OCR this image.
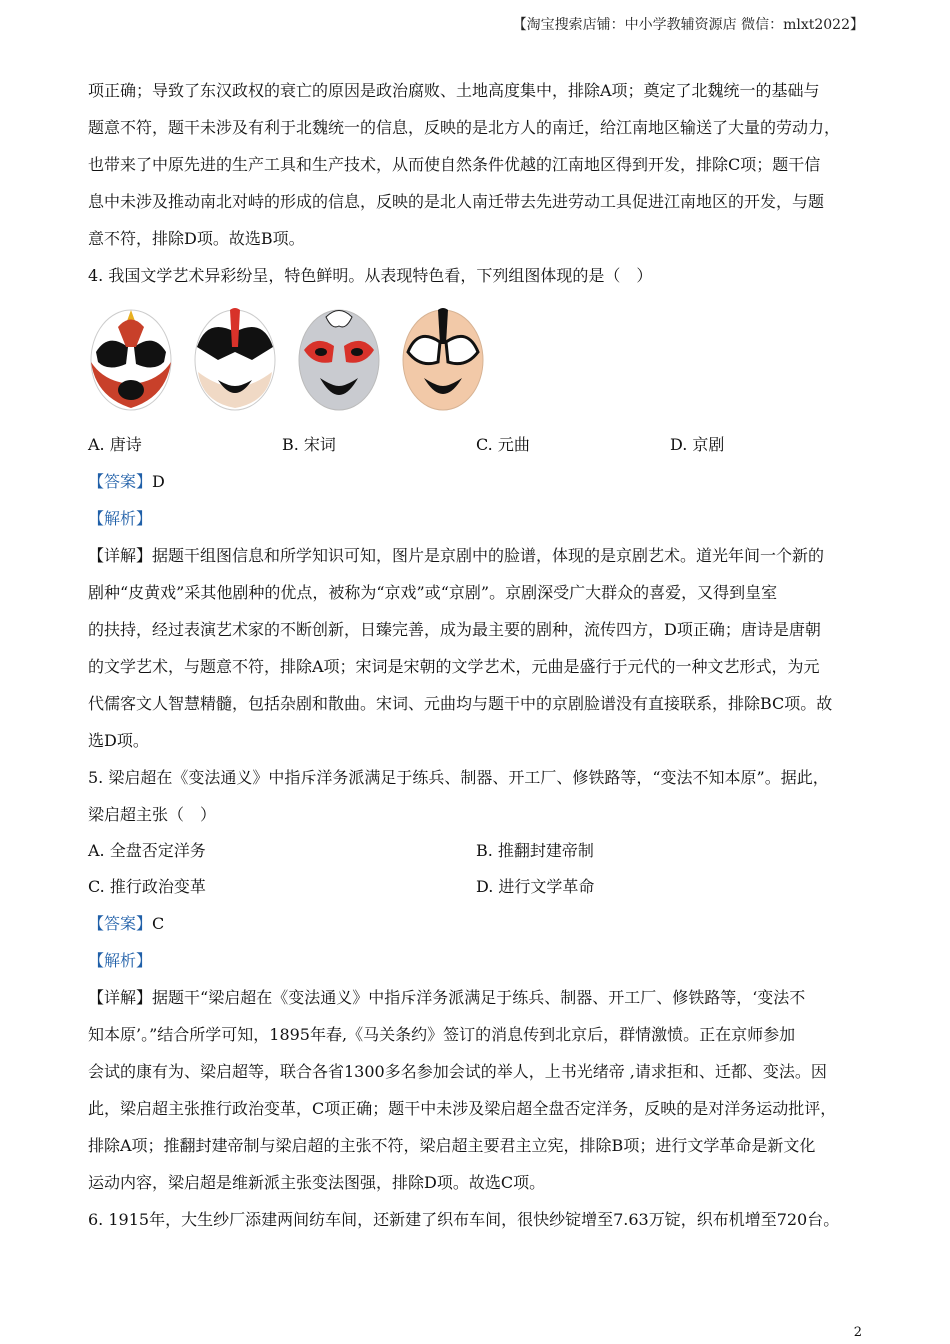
【淘宝搜索店铺：中小学教辅资源店 微信：mlxt2022】

项正确；导致了东汉政权的衰亡的原因是政治腐败、土地高度集中，排除A项；奠定了北魏统一的基础与

题意不符，题干未涉及有利于北魏统一的信息，反映的是北方人的南迁，给江南地区输送了大量的劳动力，

也带来了中原先进的生产工具和生产技术，从而使自然条件优越的江南地区得到开发，排除C项；题干信

息中未涉及推动南北对峙的形成的信息，反映的是北人南迁带去先进劳动工具促进江南地区的开发，与题

意不符，排除D项。故选B项。

4. 我国文学艺术异彩纷呈，特色鲜明。从表现特色看，下列组图体现的是（　）

A. 唐诗	B. 宋词	C. 元曲	D. 京剧

【答案】D

【解析】

【详解】据题干组图信息和所学知识可知，图片是京剧中的脸谱，体现的是京剧艺术。道光年间一个新的

剧种“皮黄戏”采其他剧种的优点，被称为“京戏”或“京剧”。京剧深受广大群众的喜爱，又得到皇室

的扶持，经过表演艺术家的不断创新，日臻完善，成为最主要的剧种，流传四方，D项正确；唐诗是唐朝

的文学艺术，与题意不符，排除A项；宋词是宋朝的文学艺术，元曲是盛行于元代的一种文艺形式，为元

代儒客文人智慧精髓，包括杂剧和散曲。宋词、元曲均与题干中的京剧脸谱没有直接联系，排除BC项。故

选D项。

5. 梁启超在《变法通义》中指斥洋务派满足于练兵、制器、开工厂、修铁路等，“变法不知本原”。据此，

梁启超主张（　）

A. 全盘否定洋务	B. 推翻封建帝制
C. 推行政治变革	D. 进行文学革命

【答案】C

【解析】

【详解】据题干“梁启超在《变法通义》中指斥洋务派满足于练兵、制器、开工厂、修铁路等，‘变法不

知本原’。”结合所学可知，1895年春,《马关条约》签订的消息传到北京后，群情激愤。正在京师参加

会试的康有为、梁启超等，联合各省1300多名参加会试的举人，上书光绪帝 ,请求拒和、迁都、变法。因

此，梁启超主张推行政治变革，C项正确；题干中未涉及梁启超全盘否定洋务，反映的是对洋务运动批评，

排除A项；推翻封建帝制与梁启超的主张不符，梁启超主要君主立宪，排除B项；进行文学革命是新文化

运动内容，梁启超是维新派主张变法图强，排除D项。故选C项。

6. 1915年，大生纱厂添建两间纺车间，还新建了织布车间，很快纱锭增至7.63万锭，织布机增至720台。

2
